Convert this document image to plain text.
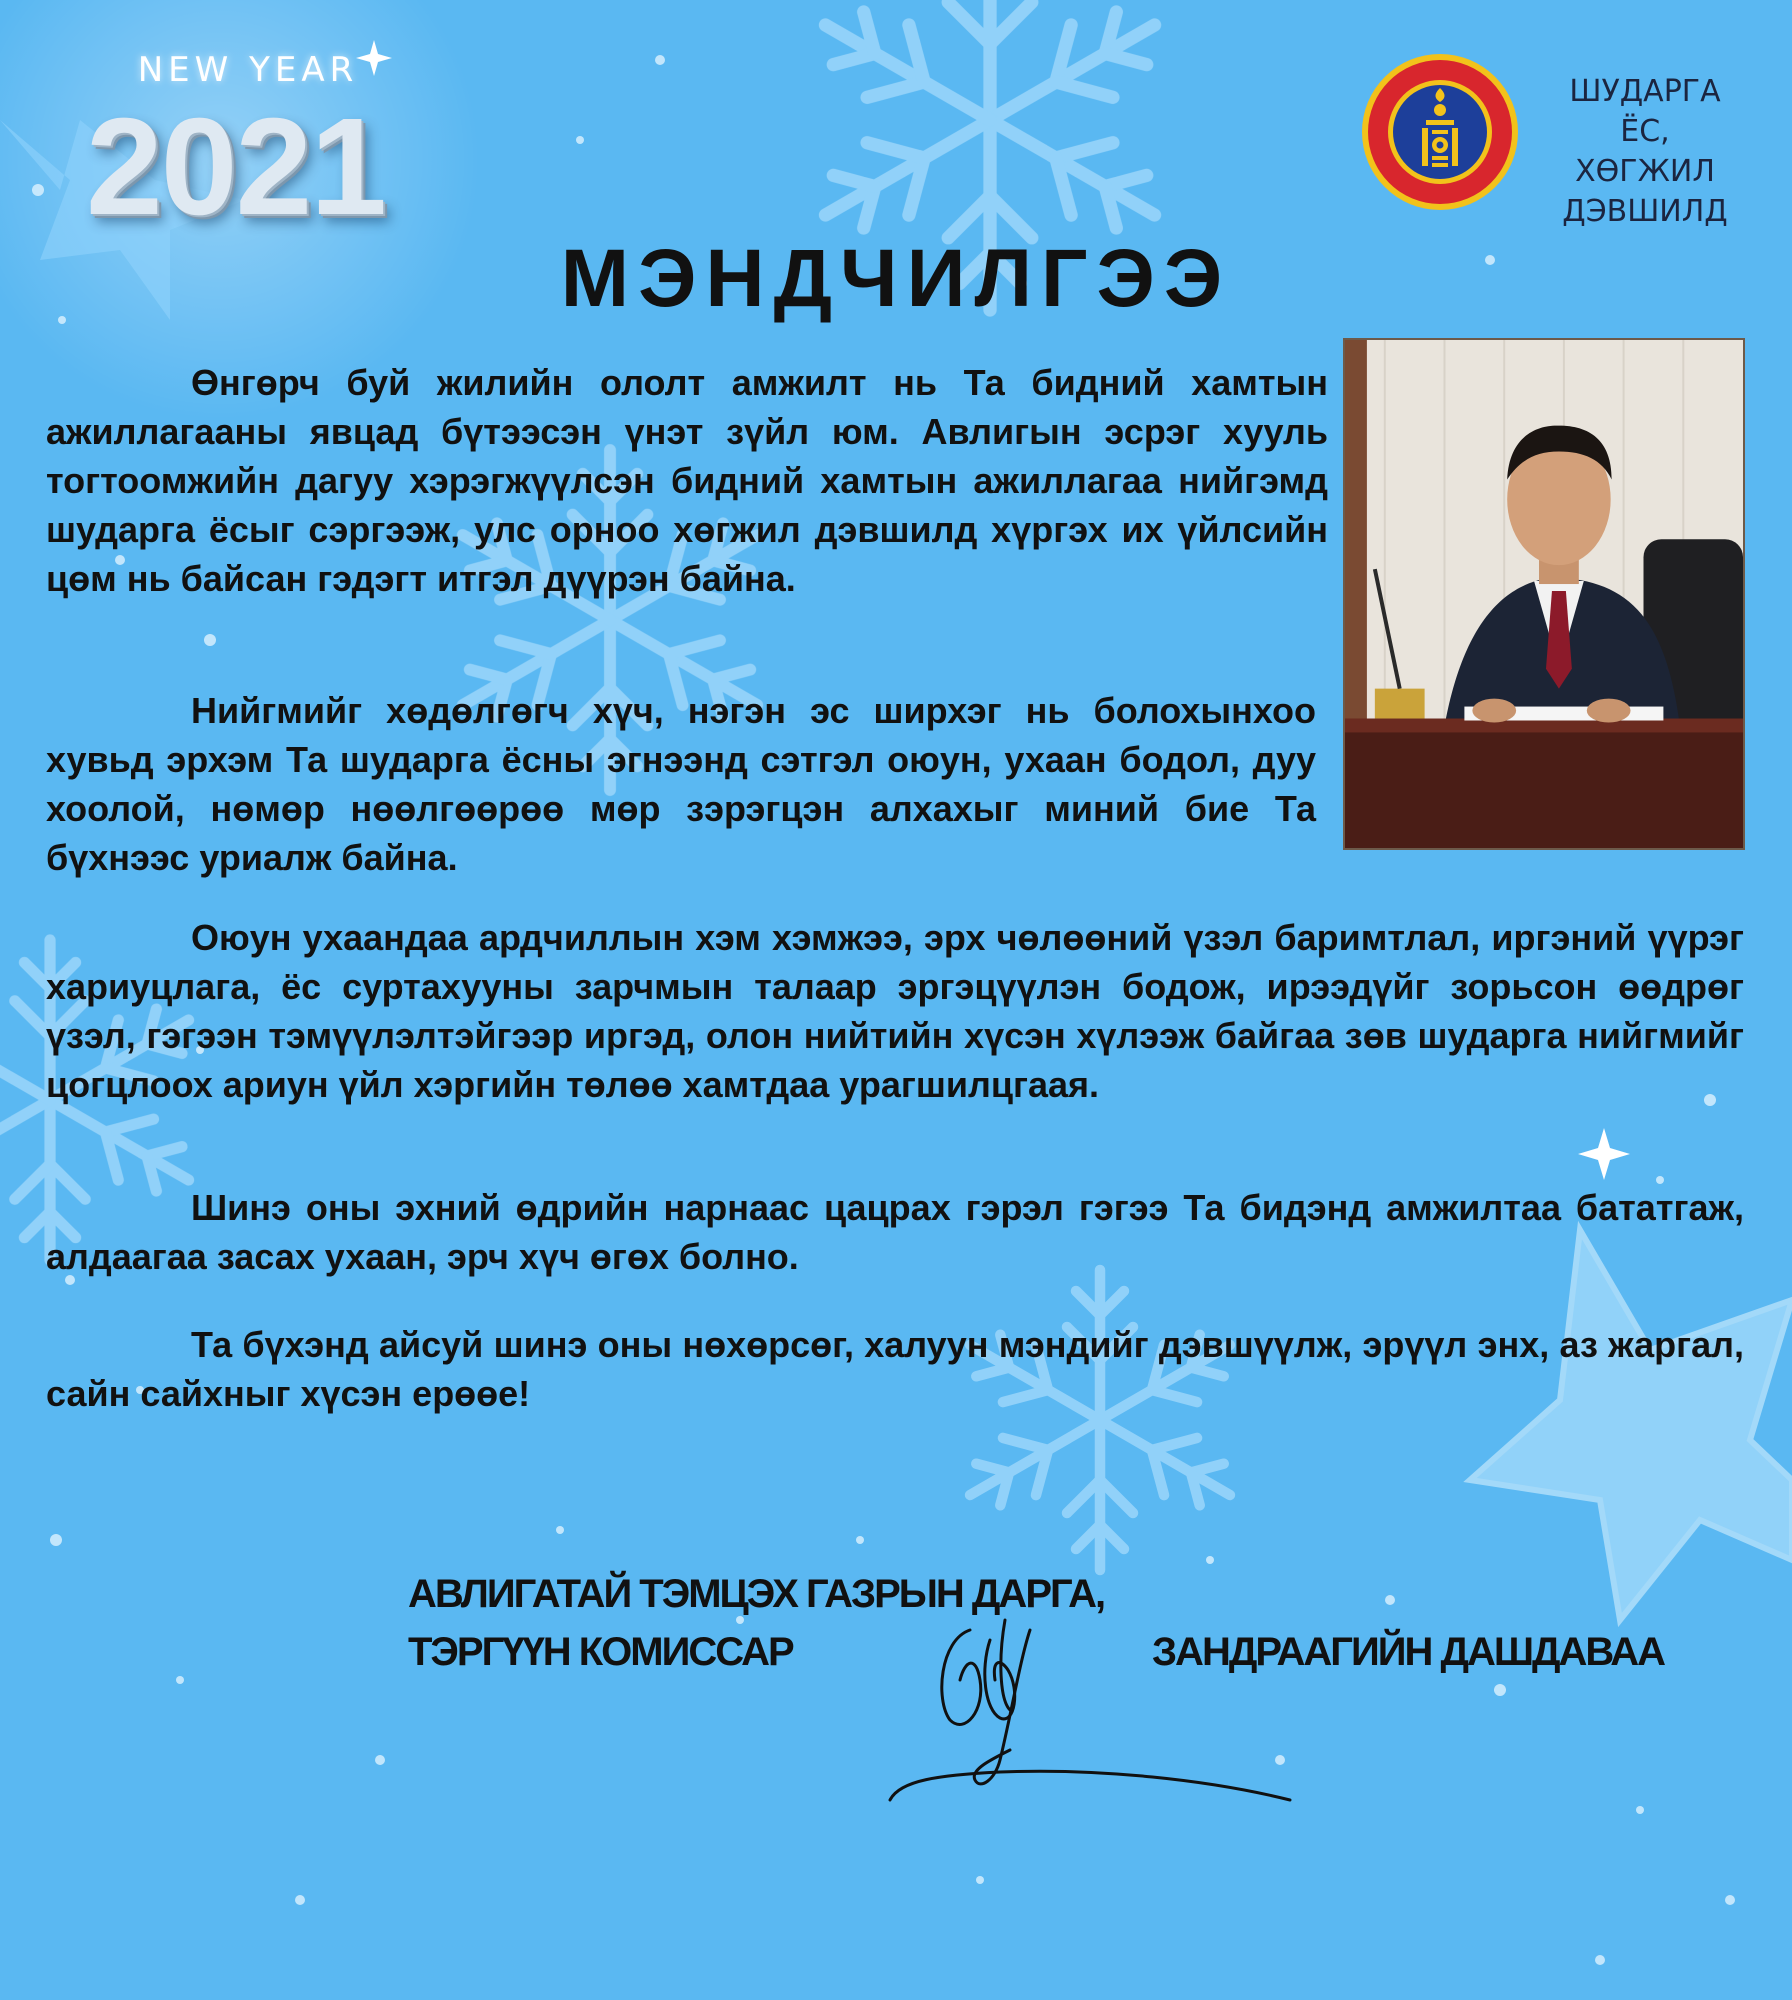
NEW YEAR
2021	ШУДАРГА ЁС,
ХӨГЖИЛ
ДЭВШИЛД
МЭНДЧИЛГЭЭ

Өнгөрч буй жилийн ололт амжилт нь Та бидний хамтын ажиллагааны явцад бүтээсэн үнэт зүйл юм. Авлигын эсрэг хууль тогтоомжийн дагуу хэрэгжүүлсэн бидний хамтын ажиллагаа нийгэмд шударга ёсыг сэргээж, улс орноо хөгжил дэвшилд хүргэх их үйлсийн цөм нь байсан гэдэгт итгэл дүүрэн байна.

Нийгмийг хөдөлгөгч хүч, нэгэн эс ширхэг нь болохынхоо хувьд эрхэм Та шударга ёсны эгнээнд сэтгэл оюун, ухаан бодол, дуу хоолой, нөмөр нөөлгөөрөө мөр зэрэгцэн алхахыг миний бие Та бүхнээс уриалж байна.

Оюун ухаандаа ардчиллын хэм хэмжээ, эрх чөлөөний үзэл баримтлал, иргэний үүрэг хариуцлага, ёс суртахууны зарчмын талаар эргэцүүлэн бодож, ирээдүйг зорьсон өөдрөг үзэл, гэгээн тэмүүлэлтэйгээр иргэд, олон нийтийн хүсэн хүлээж байгаа зөв шударга нийгмийг цогцлоох ариун үйл хэргийн төлөө хамтдаа урагшилцгаая.

Шинэ оны эхний өдрийн нарнаас цацрах гэрэл гэгээ Та бидэнд амжилтаа бататгаж, алдаагаа засах ухаан, эрч хүч өгөх болно.

Та бүхэнд айсуй шинэ оны нөхөрсөг, халуун мэндийг дэвшүүлж, эрүүл энх, аз жаргал, сайн сайхныг хүсэн ерөөе!

АВЛИГАТАЙ ТЭМЦЭХ ГАЗРЫН ДАРГА,
ТЭРГҮҮН КОМИССАР	ЗАНДРААГИЙН ДАШДАВАА
